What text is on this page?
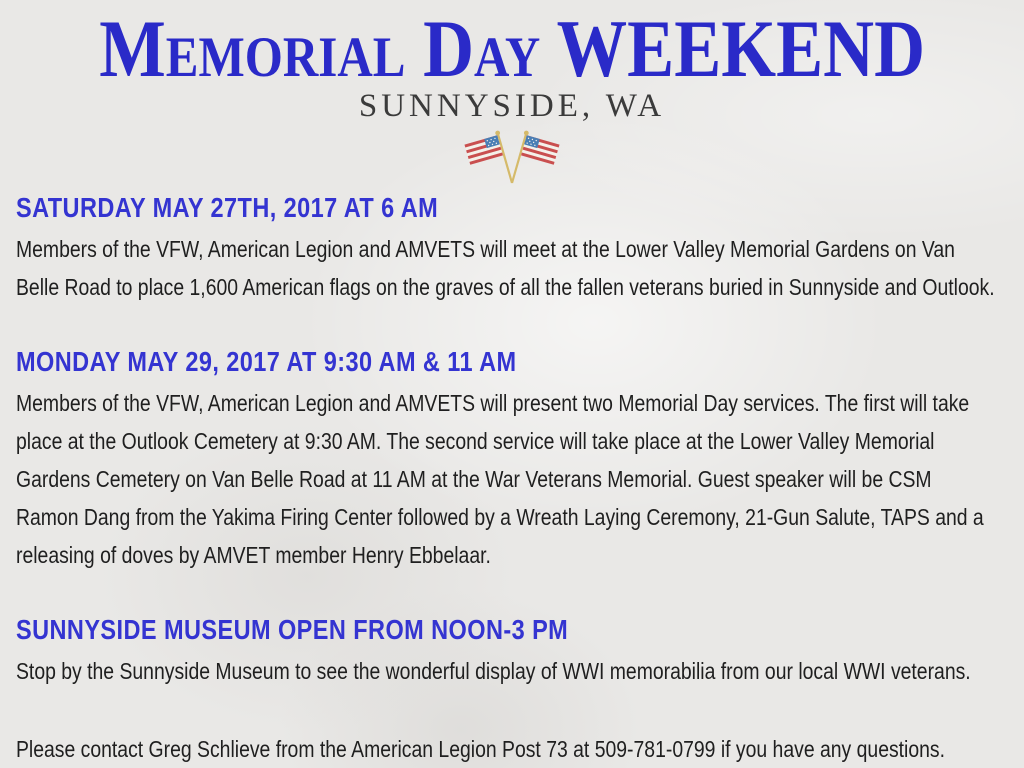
Memorial Day WEEKEND
SUNNYSIDE, WA
SATURDAY MAY 27TH, 2017 AT 6 AM

Members of the VFW, American Legion and AMVETS will meet at the Lower Valley Memorial Gardens on Van Belle Road to place 1,600 American flags on the graves of all the fallen veterans buried in Sunnyside and Outlook.

MONDAY MAY 29, 2017 AT 9:30 AM & 11 AM

Members of the VFW, American Legion and AMVETS will present two Memorial Day services. The first will take place at the Outlook Cemetery at 9:30 AM. The second service will take place at the Lower Valley Memorial Gardens Cemetery on Van Belle Road at 11 AM at the War Veterans Memorial. Guest speaker will be CSM Ramon Dang from the Yakima Firing Center followed by a Wreath Laying Ceremony, 21-Gun Salute, TAPS and a releasing of doves by AMVET member Henry Ebbelaar.

SUNNYSIDE MUSEUM OPEN FROM NOON-3 PM

Stop by the Sunnyside Museum to see the wonderful display of WWI memorabilia from our local WWI veterans.

Please contact Greg Schlieve from the American Legion Post 73 at 509-781-0799 if you have any questions.
